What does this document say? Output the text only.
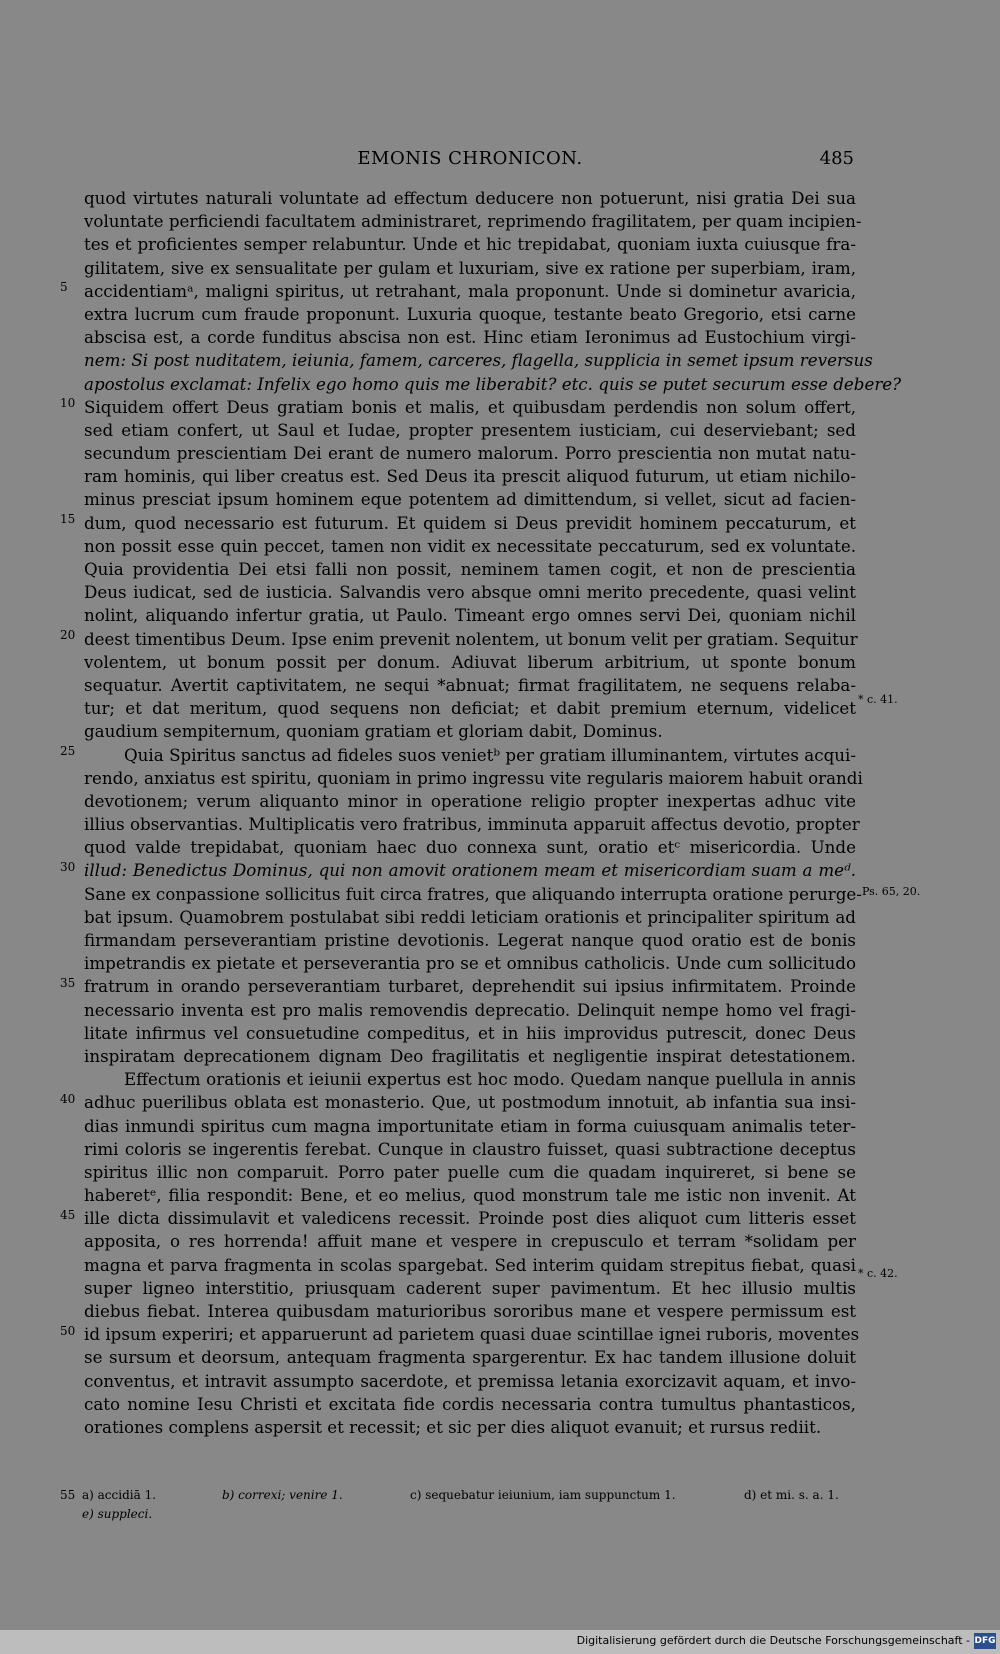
EMONIS CHRONICON.	485
quod virtutes naturali voluntate ad effectum deducere non potuerunt, nisi gratia Dei sua
voluntate perficiendi facultatem administraret, reprimendo fragilitatem, per quam incipien-
tes et proficientes semper relabuntur. Unde et hic trepidabat, quoniam iuxta cuiusque fra-
gilitatem, sive ex sensualitate per gulam et luxuriam, sive ex ratione per superbiam, iram,
accidentiamᵃ, maligni spiritus, ut retrahant, mala proponunt. Unde si dominetur avaricia,
extra lucrum cum fraude proponunt. Luxuria quoque, testante beato Gregorio, etsi carne
abscisa est, a corde funditus abscisa non est. Hinc etiam Ieronimus ad Eustochium virgi-
nem: Si post nuditatem, ieiunia, famem, carceres, flagella, supplicia in semet ipsum reversus
apostolus exclamat: Infelix ego homo quis me liberabit? etc. quis se putet securum esse debere?
Siquidem offert Deus gratiam bonis et malis, et quibusdam perdendis non solum offert,
sed etiam confert, ut Saul et Iudae, propter presentem iusticiam, cui deserviebant; sed
secundum prescientiam Dei erant de numero malorum. Porro prescientia non mutat natu-
ram hominis, qui liber creatus est. Sed Deus ita prescit aliquod futurum, ut etiam nichilo-
minus presciat ipsum hominem eque potentem ad dimittendum, si vellet, sicut ad facien-
dum, quod necessario est futurum. Et quidem si Deus previdit hominem peccaturum, et
non possit esse quin peccet, tamen non vidit ex necessitate peccaturum, sed ex voluntate.
Quia providentia Dei etsi falli non possit, neminem tamen cogit, et non de prescientia
Deus iudicat, sed de iusticia. Salvandis vero absque omni merito precedente, quasi velint
nolint, aliquando infertur gratia, ut Paulo. Timeant ergo omnes servi Dei, quoniam nichil
deest timentibus Deum. Ipse enim prevenit nolentem, ut bonum velit per gratiam. Sequitur
volentem, ut bonum possit per donum. Adiuvat liberum arbitrium, ut sponte bonum
sequatur. Avertit captivitatem, ne sequi *abnuat; firmat fragilitatem, ne sequens relaba-
tur; et dat meritum, quod sequens non deficiat; et dabit premium eternum, videlicet
gaudium sempiternum, quoniam gratiam et gloriam dabit, Dominus.
Quia Spiritus sanctus ad fideles suos venietᵇ per gratiam illuminantem, virtutes acqui-
rendo, anxiatus est spiritu, quoniam in primo ingressu vite regularis maiorem habuit orandi
devotionem; verum aliquanto minor in operatione religio propter inexpertas adhuc vite
illius observantias. Multiplicatis vero fratribus, imminuta apparuit affectus devotio, propter
quod valde trepidabat, quoniam haec duo connexa sunt, oratio etᶜ misericordia. Unde
illud: Benedictus Dominus, qui non amovit orationem meam et misericordiam suam a meᵈ.
Sane ex conpassione sollicitus fuit circa fratres, que aliquando interrupta oratione perurge-
bat ipsum. Quamobrem postulabat sibi reddi leticiam orationis et principaliter spiritum ad
firmandam perseverantiam pristine devotionis. Legerat nanque quod oratio est de bonis
impetrandis ex pietate et perseverantia pro se et omnibus catholicis. Unde cum sollicitudo
fratrum in orando perseverantiam turbaret, deprehendit sui ipsius infirmitatem. Proinde
necessario inventa est pro malis removendis deprecatio. Delinquit nempe homo vel fragi-
litate infirmus vel consuetudine compeditus, et in hiis improvidus putrescit, donec Deus
inspiratam deprecationem dignam Deo fragilitatis et negligentie inspirat detestationem.
Effectum orationis et ieiunii expertus est hoc modo. Quedam nanque puellula in annis
adhuc puerilibus oblata est monasterio. Que, ut postmodum innotuit, ab infantia sua insi-
dias inmundi spiritus cum magna importunitate etiam in forma cuiusquam animalis teter-
rimi coloris se ingerentis ferebat. Cunque in claustro fuisset, quasi subtractione deceptus
spiritus illic non comparuit. Porro pater puelle cum die quadam inquireret, si bene se
haberetᵉ, filia respondit: Bene, et eo melius, quod monstrum tale me istic non invenit. At
ille dicta dissimulavit et valedicens recessit. Proinde post dies aliquot cum litteris esset
apposita, o res horrenda! affuit mane et vespere in crepusculo et terram *solidam per
magna et parva fragmenta in scolas spargebat. Sed interim quidam strepitus fiebat, quasi
super ligneo interstitio, priusquam caderent super pavimentum. Et hec illusio multis
diebus fiebat. Interea quibusdam maturioribus sororibus mane et vespere permissum est
id ipsum experiri; et apparuerunt ad parietem quasi duae scintillae ignei ruboris, moventes
se sursum et deorsum, antequam fragmenta spargerentur. Ex hac tandem illusione doluit
conventus, et intravit assumpto sacerdote, et premissa letania exorcizavit aquam, et invo-
cato nomine Iesu Christi et excitata fide cordis necessaria contra tumultus phantasticos,
orationes complens aspersit et recessit; et sic per dies aliquot evanuit; et rursus rediit.
5
10
15
20
25
30
35
40
45
50
* c. 41.
Ps. 65, 20.
* c. 42.
55 a) accidiā 1.	b) correxi; venire 1.	c) sequebatur ieiunium, iam suppunctum 1.	d) et mi. s. a. 1.
e) suppleci.
Digitalisierung gefördert durch die Deutsche Forschungsgemeinschaft - DFG
